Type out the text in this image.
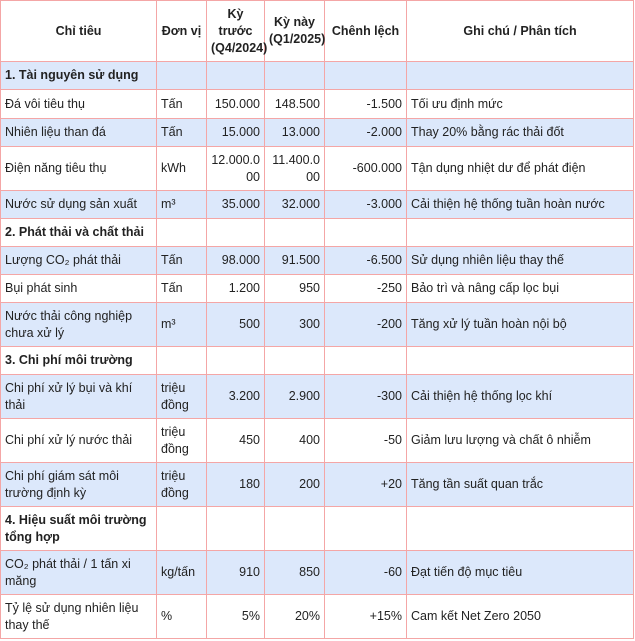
Chỉ tiêu	Đơn vị	Kỳ trước (Q4/2024)	Kỳ này (Q1/2025)	Chênh lệch	Ghi chú / Phân tích
1. Tài nguyên sử dụng					
Đá vôi tiêu thụ	Tấn	150.000	148.500	-1.500	Tối ưu định mức
Nhiên liệu than đá	Tấn	15.000	13.000	-2.000	Thay 20% bằng rác thải đốt
Điện năng tiêu thụ	kWh	12.000.000	11.400.000	-600.000	Tận dụng nhiệt dư để phát điện
Nước sử dụng sản xuất	m³	35.000	32.000	-3.000	Cải thiện hệ thống tuần hoàn nước
2. Phát thải và chất thải					
Lượng CO₂ phát thải	Tấn	98.000	91.500	-6.500	Sử dụng nhiên liệu thay thế
Bụi phát sinh	Tấn	1.200	950	-250	Bảo trì và nâng cấp lọc bụi
Nước thải công nghiệp chưa xử lý	m³	500	300	-200	Tăng xử lý tuần hoàn nội bộ
3. Chi phí môi trường					
Chi phí xử lý bụi và khí thải	triệu đồng	3.200	2.900	-300	Cải thiện hệ thống lọc khí
Chi phí xử lý nước thải	triệu đồng	450	400	-50	Giảm lưu lượng và chất ô nhiễm
Chi phí giám sát môi trường định kỳ	triệu đồng	180	200	+20	Tăng tần suất quan trắc
4. Hiệu suất môi trường tổng hợp					
CO₂ phát thải / 1 tấn xi măng	kg/tấn	910	850	-60	Đạt tiến độ mục tiêu
Tỷ lệ sử dụng nhiên liệu thay thế	%	5%	20%	+15%	Cam kết Net Zero 2050
